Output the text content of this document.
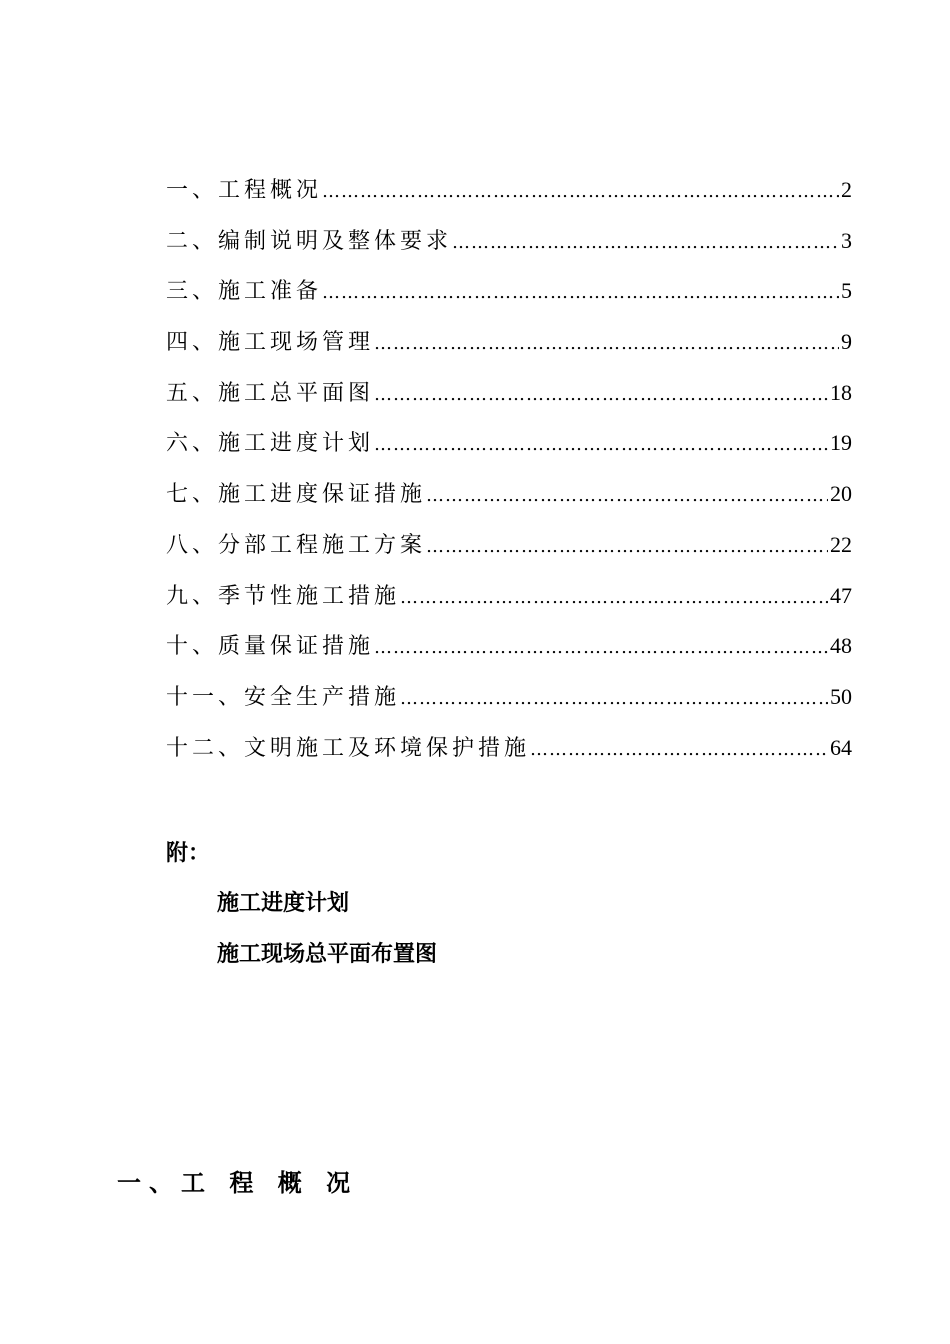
一、工程概况 …………………………………………………………………………………………………………………………	2
二、编制说明及整体要求 …………………………………………………………………………………………………………………………	3
三、施工准备 …………………………………………………………………………………………………………………………	5
四、施工现场管理 …………………………………………………………………………………………………………………………	9
五、施工总平面图 …………………………………………………………………………………………………………………………	18
六、施工进度计划 …………………………………………………………………………………………………………………………	19
七、施工进度保证措施 …………………………………………………………………………………………………………………………	20
八、分部工程施工方案 …………………………………………………………………………………………………………………………	22
九、季节性施工措施 …………………………………………………………………………………………………………………………	47
十、质量保证措施 …………………………………………………………………………………………………………………………	48
十一、安全生产措施 …………………………………………………………………………………………………………………………	50
十二、文明施工及环境保护措施 …………………………………………………………………………………………………………………………	64
附：
施工进度计划
施工现场总平面布置图
一、工 程 概 况
